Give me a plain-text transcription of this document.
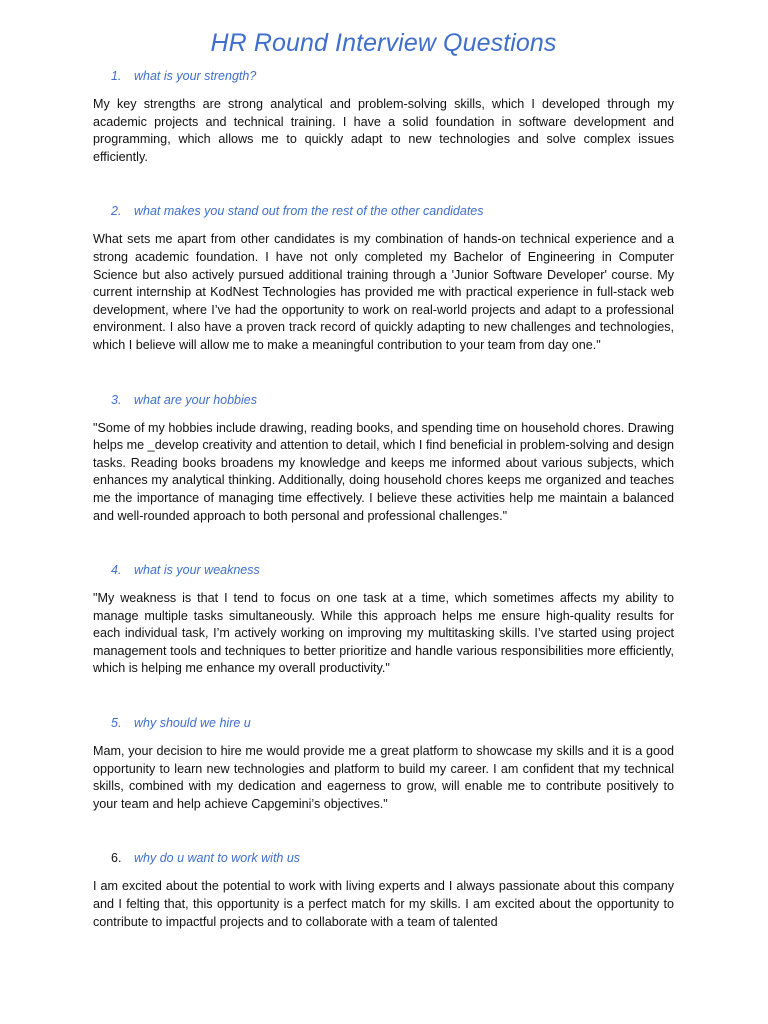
HR Round Interview Questions
1.	what is your strength?

My key strengths are strong analytical and problem-solving skills, which I developed through my academic projects and technical training. I have a solid foundation in software development and programming, which allows me to quickly adapt to new technologies and solve complex issues efficiently.

2.	what makes you stand out from the rest of the other candidates

What sets me apart from other candidates is my combination of hands-on technical experience and a strong academic foundation. I have not only completed my Bachelor of Engineering in Computer Science but also actively pursued additional training through a 'Junior Software Developer' course. My current internship at KodNest Technologies has provided me with practical experience in full-stack web development, where I’ve had the opportunity to work on real-world projects and adapt to a professional environment. I also have a proven track record of quickly adapting to new challenges and technologies, which I believe will allow me to make a meaningful contribution to your team from day one."

3.	what are your hobbies

"Some of my hobbies include drawing, reading books, and spending time on household chores. Drawing helps me _develop creativity and attention to detail, which I find beneficial in problem-solving and design tasks. Reading books broadens my knowledge and keeps me informed about various subjects, which enhances my analytical thinking. Additionally, doing household chores keeps me organized and teaches me the importance of managing time effectively. I believe these activities help me maintain a balanced and well-rounded approach to both personal and professional challenges."

4.	what is your weakness

"My weakness is that I tend to focus on one task at a time, which sometimes affects my ability to manage multiple tasks simultaneously. While this approach helps me ensure high-quality results for each individual task, I’m actively working on improving my multitasking skills. I’ve started using project management tools and techniques to better prioritize and handle various responsibilities more efficiently, which is helping me enhance my overall productivity."

5.	why should we hire u

Mam, your decision to hire me would provide me a great platform to showcase my skills and it is a good opportunity to learn new technologies and platform to build my career. I am confident that my technical skills, combined with my dedication and eagerness to grow, will enable me to contribute positively to your team and help achieve Capgemini’s objectives."

6.	why do u want to work with us

I am excited about the potential to work with living experts and I always passionate about this company and I felting that, this opportunity is a perfect match for my skills. I am excited about the opportunity to contribute to impactful projects and to collaborate with a team of talented
